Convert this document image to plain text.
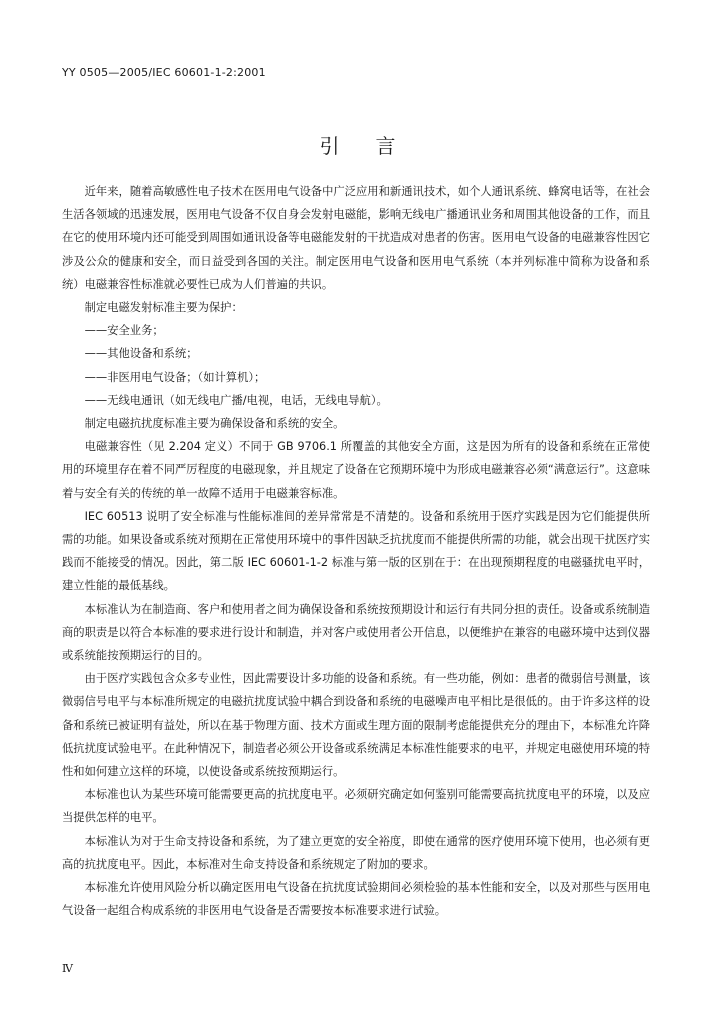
YY 0505—2005/IEC 60601-1-2:2001
引言

近年来，随着高敏感性电子技术在医用电气设备中广泛应用和新通讯技术，如个人通讯系统、蜂窝电话等，在社会生活各领域的迅速发展，医用电气设备不仅自身会发射电磁能，影响无线电广播通讯业务和周围其他设备的工作，而且在它的使用环境内还可能受到周围如通讯设备等电磁能发射的干扰造成对患者的伤害。医用电气设备的电磁兼容性因它涉及公众的健康和安全，而日益受到各国的关注。制定医用电气设备和医用电气系统（本并列标准中简称为设备和系统）电磁兼容性标准就必要性已成为人们普遍的共识。

制定电磁发射标准主要为保护：

——安全业务；

——其他设备和系统；

——非医用电气设备；（如计算机）；

——无线电通讯（如无线电广播/电视，电话，无线电导航）。

制定电磁抗扰度标准主要为确保设备和系统的安全。

电磁兼容性（见 2.204 定义）不同于 GB 9706.1 所覆盖的其他安全方面，这是因为所有的设备和系统在正常使用的环境里存在着不同严厉程度的电磁现象，并且规定了设备在它预期环境中为形成电磁兼容必须“满意运行”。这意味着与安全有关的传统的单一故障不适用于电磁兼容标准。

IEC 60513 说明了安全标准与性能标准间的差异常常是不清楚的。设备和系统用于医疗实践是因为它们能提供所需的功能。如果设备或系统对预期在正常使用环境中的事件因缺乏抗扰度而不能提供所需的功能，就会出现干扰医疗实践而不能接受的情况。因此，第二版 IEC 60601-1-2 标准与第一版的区别在于：在出现预期程度的电磁骚扰电平时，建立性能的最低基线。

本标准认为在制造商、客户和使用者之间为确保设备和系统按预期设计和运行有共同分担的责任。设备或系统制造商的职责是以符合本标准的要求进行设计和制造，并对客户或使用者公开信息，以便维护在兼容的电磁环境中达到仪器或系统能按预期运行的目的。

由于医疗实践包含众多专业性，因此需要设计多功能的设备和系统。有一些功能，例如：患者的微弱信号测量，该微弱信号电平与本标准所规定的电磁抗扰度试验中耦合到设备和系统的电磁噪声电平相比是很低的。由于许多这样的设备和系统已被证明有益处，所以在基于物理方面、技术方面或生理方面的限制考虑能提供充分的理由下，本标准允许降低抗扰度试验电平。在此种情况下，制造者必须公开设备或系统满足本标准性能要求的电平，并规定电磁使用环境的特性和如何建立这样的环境，以使设备或系统按预期运行。

本标准也认为某些环境可能需要更高的抗扰度电平。必须研究确定如何鉴别可能需要高抗扰度电平的环境，以及应当提供怎样的电平。

本标准认为对于生命支持设备和系统，为了建立更宽的安全裕度，即使在通常的医疗使用环境下使用，也必须有更高的抗扰度电平。因此，本标准对生命支持设备和系统规定了附加的要求。

本标准允许使用风险分析以确定医用电气设备在抗扰度试验期间必须检验的基本性能和安全，以及对那些与医用电气设备一起组合构成系统的非医用电气设备是否需要按本标准要求进行试验。

Ⅳ
